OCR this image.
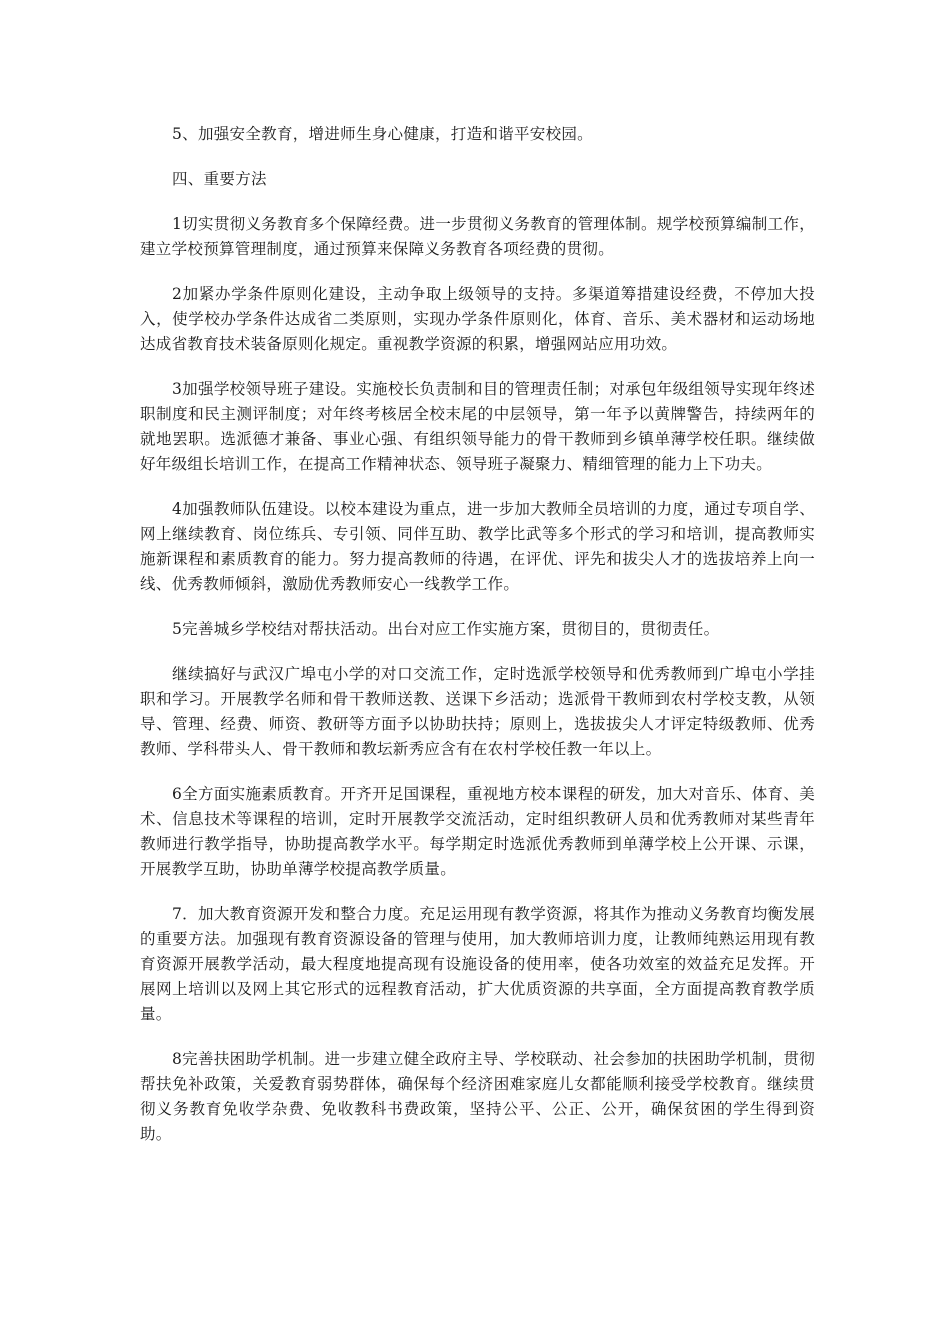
5、加强安全教育，增进师生身心健康，打造和谐平安校园。

四、重要方法

1切实贯彻义务教育多个保障经费。进一步贯彻义务教育的管理体制。规学校预算编制工作，建立学校预算管理制度，通过预算来保障义务教育各项经费的贯彻。

2加紧办学条件原则化建设，主动争取上级领导的支持。多渠道筹措建设经费，不停加大投入，使学校办学条件达成省二类原则，实现办学条件原则化，体育、音乐、美术器材和运动场地达成省教育技术装备原则化规定。重视教学资源的积累，增强网站应用功效。

3加强学校领导班子建设。实施校长负责制和目的管理责任制；对承包年级组领导实现年终述职制度和民主测评制度；对年终考核居全校末尾的中层领导，第一年予以黄牌警告，持续两年的就地罢职。选派德才兼备、事业心强、有组织领导能力的骨干教师到乡镇单薄学校任职。继续做好年级组长培训工作，在提高工作精神状态、领导班子凝聚力、精细管理的能力上下功夫。

4加强教师队伍建设。以校本建设为重点，进一步加大教师全员培训的力度，通过专项自学、网上继续教育、岗位练兵、专引领、同伴互助、教学比武等多个形式的学习和培训，提高教师实施新课程和素质教育的能力。努力提高教师的待遇，在评优、评先和拔尖人才的选拔培养上向一线、优秀教师倾斜，激励优秀教师安心一线教学工作。

5完善城乡学校结对帮扶活动。出台对应工作实施方案，贯彻目的，贯彻责任。

继续搞好与武汉广埠屯小学的对口交流工作，定时选派学校领导和优秀教师到广埠屯小学挂职和学习。开展教学名师和骨干教师送教、送课下乡活动；选派骨干教师到农村学校支教，从领导、管理、经费、师资、教研等方面予以协助扶持；原则上，选拔拔尖人才评定特级教师、优秀教师、学科带头人、骨干教师和教坛新秀应含有在农村学校任教一年以上。

6全方面实施素质教育。开齐开足国课程，重视地方校本课程的研发，加大对音乐、体育、美术、信息技术等课程的培训，定时开展教学交流活动，定时组织教研人员和优秀教师对某些青年教师进行教学指导，协助提高教学水平。每学期定时选派优秀教师到单薄学校上公开课、示课，开展教学互助，协助单薄学校提高教学质量。

7．加大教育资源开发和整合力度。充足运用现有教学资源，将其作为推动义务教育均衡发展的重要方法。加强现有教育资源设备的管理与使用，加大教师培训力度，让教师纯熟运用现有教育资源开展教学活动，最大程度地提高现有设施设备的使用率，使各功效室的效益充足发挥。开展网上培训以及网上其它形式的远程教育活动，扩大优质资源的共享面，全方面提高教育教学质量。

8完善扶困助学机制。进一步建立健全政府主导、学校联动、社会参加的扶困助学机制，贯彻帮扶免补政策，关爱教育弱势群体，确保每个经济困难家庭儿女都能顺利接受学校教育。继续贯彻义务教育免收学杂费、免收教科书费政策，坚持公平、公正、公开，确保贫困的学生得到资助。
